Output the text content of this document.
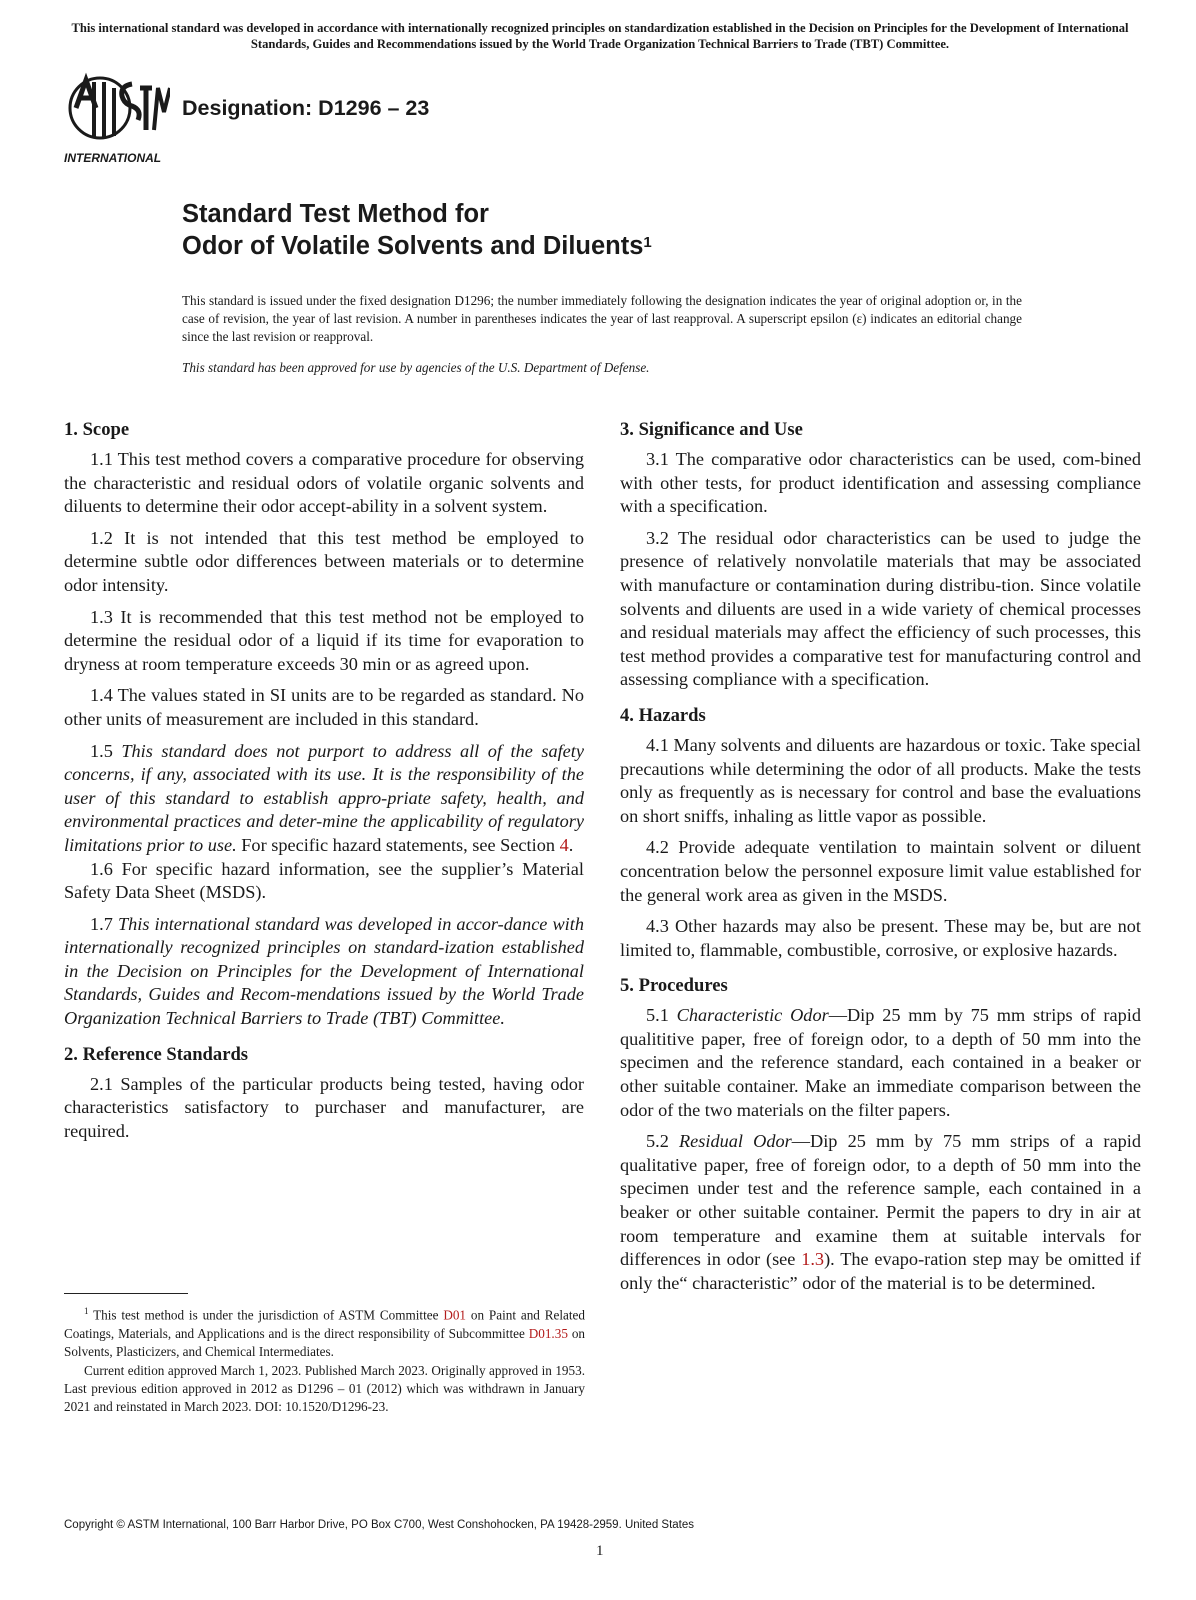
This international standard was developed in accordance with internationally recognized principles on standardization established in the Decision on Principles for the Development of International Standards, Guides and Recommendations issued by the World Trade Organization Technical Barriers to Trade (TBT) Committee.
INTERNATIONAL
Designation: D1296 – 23
Standard Test Method for
Odor of Volatile Solvents and Diluents$^1$
This standard is issued under the fixed designation D1296; the number immediately following the designation indicates the year of original adoption or, in the case of revision, the year of last revision. A number in parentheses indicates the year of last reapproval. A superscript epsilon (ε) indicates an editorial change since the last revision or reapproval.
This standard has been approved for use by agencies of the U.S. Department of Defense.
1. Scope

1.1 This test method covers a comparative procedure for observing the characteristic and residual odors of volatile organic solvents and diluents to determine their odor accept-ability in a solvent system.

1.2 It is not intended that this test method be employed to determine subtle odor differences between materials or to determine odor intensity.

1.3 It is recommended that this test method not be employed to determine the residual odor of a liquid if its time for evaporation to dryness at room temperature exceeds 30 min or as agreed upon.

1.4 The values stated in SI units are to be regarded as standard. No other units of measurement are included in this standard.

1.5 This standard does not purport to address all of the safety concerns, if any, associated with its use. It is the responsibility of the user of this standard to establish appro-priate safety, health, and environmental practices and deter-mine the applicability of regulatory limitations prior to use. For specific hazard statements, see Section 4.

1.6 For specific hazard information, see the supplier’s Material Safety Data Sheet (MSDS).

1.7 This international standard was developed in accor-dance with internationally recognized principles on standard-ization established in the Decision on Principles for the Development of International Standards, Guides and Recom-mendations issued by the World Trade Organization Technical Barriers to Trade (TBT) Committee.

2. Reference Standards

2.1 Samples of the particular products being tested, having odor characteristics satisfactory to purchaser and manufacturer, are required.

3. Significance and Use

3.1 The comparative odor characteristics can be used, com-bined with other tests, for product identification and assessing compliance with a specification.

3.2 The residual odor characteristics can be used to judge the presence of relatively nonvolatile materials that may be associated with manufacture or contamination during distribu-tion. Since volatile solvents and diluents are used in a wide variety of chemical processes and residual materials may affect the efficiency of such processes, this test method provides a comparative test for manufacturing control and assessing compliance with a specification.

4. Hazards

4.1 Many solvents and diluents are hazardous or toxic. Take special precautions while determining the odor of all products. Make the tests only as frequently as is necessary for control and base the evaluations on short sniffs, inhaling as little vapor as possible.

4.2 Provide adequate ventilation to maintain solvent or diluent concentration below the personnel exposure limit value established for the general work area as given in the MSDS.

4.3 Other hazards may also be present. These may be, but are not limited to, flammable, combustible, corrosive, or explosive hazards.

5. Procedures

5.1 Characteristic Odor—Dip 25 mm by 75 mm strips of rapid qualititive paper, free of foreign odor, to a depth of 50 mm into the specimen and the reference standard, each contained in a beaker or other suitable container. Make an immediate comparison between the odor of the two materials on the filter papers.

5.2 Residual Odor—Dip 25 mm by 75 mm strips of a rapid qualitative paper, free of foreign odor, to a depth of 50 mm into the specimen under test and the reference sample, each contained in a beaker or other suitable container. Permit the papers to dry in air at room temperature and examine them at suitable intervals for differences in odor (see 1.3). The evapo-ration step may be omitted if only the“ characteristic” odor of the material is to be determined.

$^1$ This test method is under the jurisdiction of ASTM Committee D01 on Paint and Related Coatings, Materials, and Applications and is the direct responsibility of Subcommittee D01.35 on Solvents, Plasticizers, and Chemical Intermediates.

Current edition approved March 1, 2023. Published March 2023. Originally approved in 1953. Last previous edition approved in 2012 as D1296 – 01 (2012) which was withdrawn in January 2021 and reinstated in March 2023. DOI: 10.1520/D1296-23.

Copyright © ASTM International, 100 Barr Harbor Drive, PO Box C700, West Conshohocken, PA 19428-2959. United States
1
